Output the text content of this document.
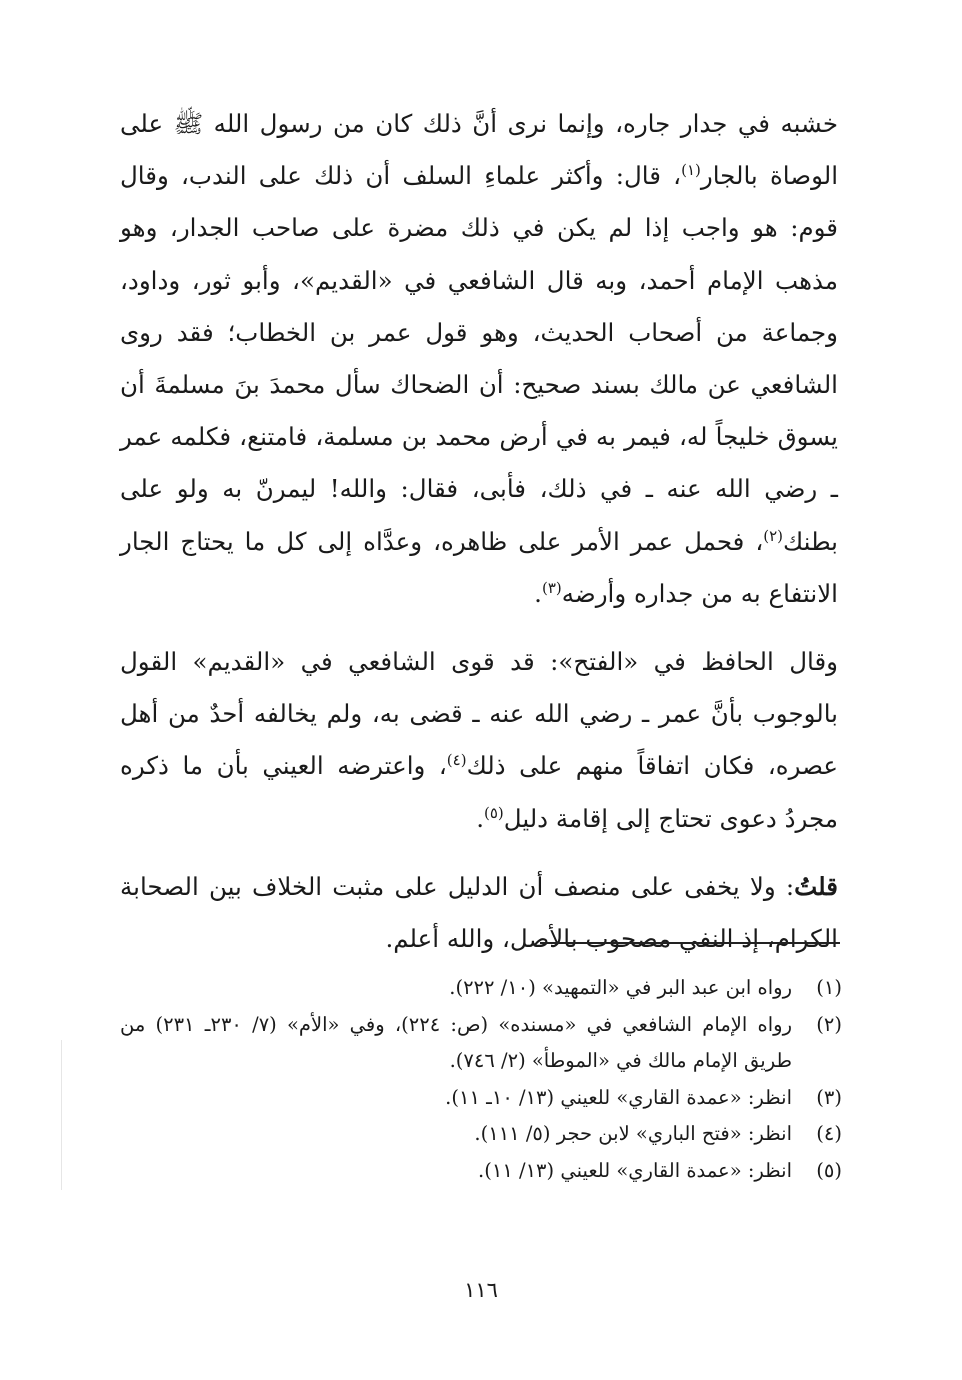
خشبه في جدار جاره، وإنما نرى أنَّ ذلك كان من رسول الله ﷺ على الوصاة بالجار$^{(١)}$، قال: وأكثر علماءِ السلف أن ذلك على الندب، وقال قوم: هو واجب إذا لم يكن في ذلك مضرة على صاحب الجدار، وهو مذهب الإمام أحمد، وبه قال الشافعي في «القديم»، وأبو ثور، وداود، وجماعة من أصحاب الحديث، وهو قول عمر بن الخطاب؛ فقد روى الشافعي عن مالك بسند صحيح: أن الضحاك سأل محمدَ بنَ مسلمةَ أن يسوق خليجاً له، فيمر به في أرض محمد بن مسلمة، فامتنع، فكلمه عمر ـ رضي الله عنه ـ في ذلك، فأبى، فقال: والله! ليمرنّ به ولو على بطنك$^{(٢)}$، فحمل عمر الأمر على ظاهره، وعدَّاه إلى كل ما يحتاج الجار الانتفاع به من جداره وأرضه$^{(٣)}$.

وقال الحافظ في «الفتح»: قد قوى الشافعي في «القديم» القول بالوجوب بأنَّ عمر ـ رضي الله عنه ـ قضى به، ولم يخالفه أحدٌ من أهل عصره، فكان اتفاقاً منهم على ذلك$^{(٤)}$، واعترضه العيني بأن ما ذكره مجردُ دعوى تحتاج إلى إقامة دليل$^{(٥)}$.

قلتُ: ولا يخفى على منصف أن الدليل على مثبت الخلاف بين الصحابة الكرام، إذ النفي مصحوب بالأصل، والله أعلم.

(١)
رواه ابن عبد البر في «التمهيد» (١٠/ ٢٢٢).
(٢)
رواه الإمام الشافعي في «مسنده» (ص: ٢٢٤)، وفي «الأم» (٧/ ٢٣٠ـ ٢٣١) من طريق الإمام مالك في «الموطأ» (٢/ ٧٤٦).
(٣)
انظر: «عمدة القاري» للعيني (١٣/ ١٠ـ ١١).
(٤)
انظر: «فتح الباري» لابن حجر (٥/ ١١١).
(٥)
انظر: «عمدة القاري» للعيني (١٣/ ١١).
١١٦
